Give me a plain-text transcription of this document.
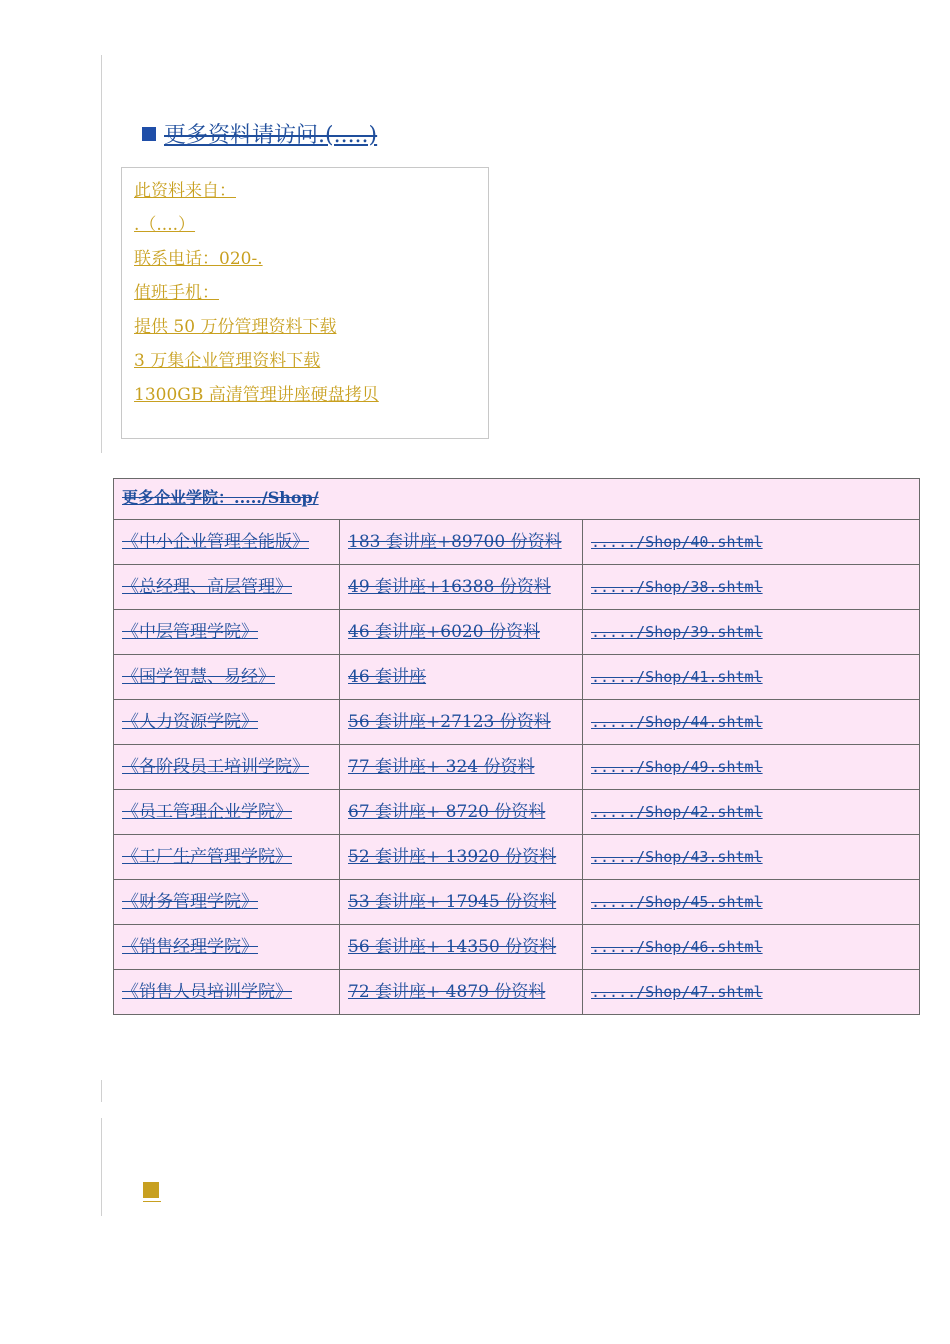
更多资料请访问.(.....)
此资料来自：
.（....）
联系电话：020-.
值班手机：
提供 50 万份管理资料下载
3 万集企业管理资料下载
1300GB 高清管理讲座硬盘拷贝
更多企业学院：...../Shop/		
《中小企业管理全能版》	183 套讲座+89700 份资料	...../Shop/40.shtml
《总经理、高层管理》	49 套讲座+16388 份资料	...../Shop/38.shtml
《中层管理学院》	46 套讲座+6020 份资料	...../Shop/39.shtml
《国学智慧、易经》	46 套讲座	...../Shop/41.shtml
《人力资源学院》	56 套讲座+27123 份资料	...../Shop/44.shtml
《各阶段员工培训学院》	77 套讲座+ 324 份资料	...../Shop/49.shtml
《员工管理企业学院》	67 套讲座+ 8720 份资料	...../Shop/42.shtml
《工厂生产管理学院》	52 套讲座+ 13920 份资料	...../Shop/43.shtml
《财务管理学院》	53 套讲座+ 17945 份资料	...../Shop/45.shtml
《销售经理学院》	56 套讲座+ 14350 份资料	...../Shop/46.shtml
《销售人员培训学院》	72 套讲座+ 4879 份资料	...../Shop/47.shtml
